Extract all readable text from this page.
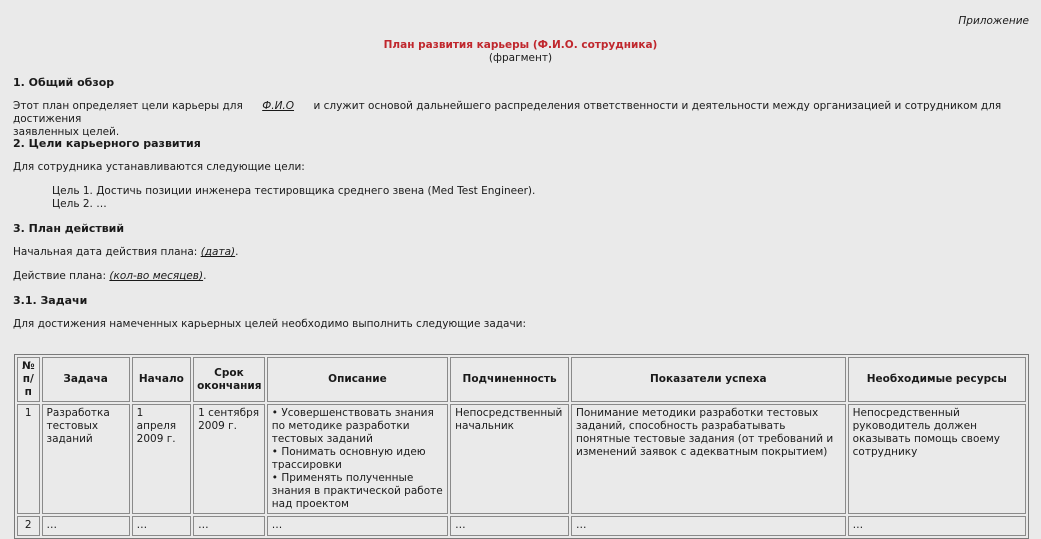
Приложение
План развития карьеры (Ф.И.О. сотрудника)
(фрагмент)
1. Общий обзор
Этот план определяет цели карьеры для Ф.И.О и служит основой дальнейшего распределения ответственности и деятельности между организацией и сотрудником для достижения
заявленных целей.
2. Цели карьерного развития
Для сотрудника устанавливаются следующие цели:
Цель 1. Достичь позиции инженера тестировщика среднего звена (Med Test Engineer).
Цель 2. …
3. План действий
Начальная дата действия плана: (дата).
Действие плана: (кол-во месяцев).
3.1. Задачи
Для достижения намеченных карьерных целей необходимо выполнить следующие задачи:
№
п/п	Задача	Начало	Срок
окончания	Описание	Подчиненность	Показатели успеха	Необходимые ресурсы
1	Разработка тестовых заданий	1 апреля 2009 г.	1 сентября 2009 г.	• Усовершенствовать знания по методике разработки тестовых заданий
• Понимать основную идею трассировки
• Применять полученные знания в практической работе над проектом	Непосредственный начальник	Понимание методики разработки тестовых заданий, способность разрабатывать понятные тестовые задания (от требований и изменений заявок с адекватным покрытием)	Непосредственный руководитель должен оказывать помощь своему сотруднику
2	…	…	…	…	…	…	…
